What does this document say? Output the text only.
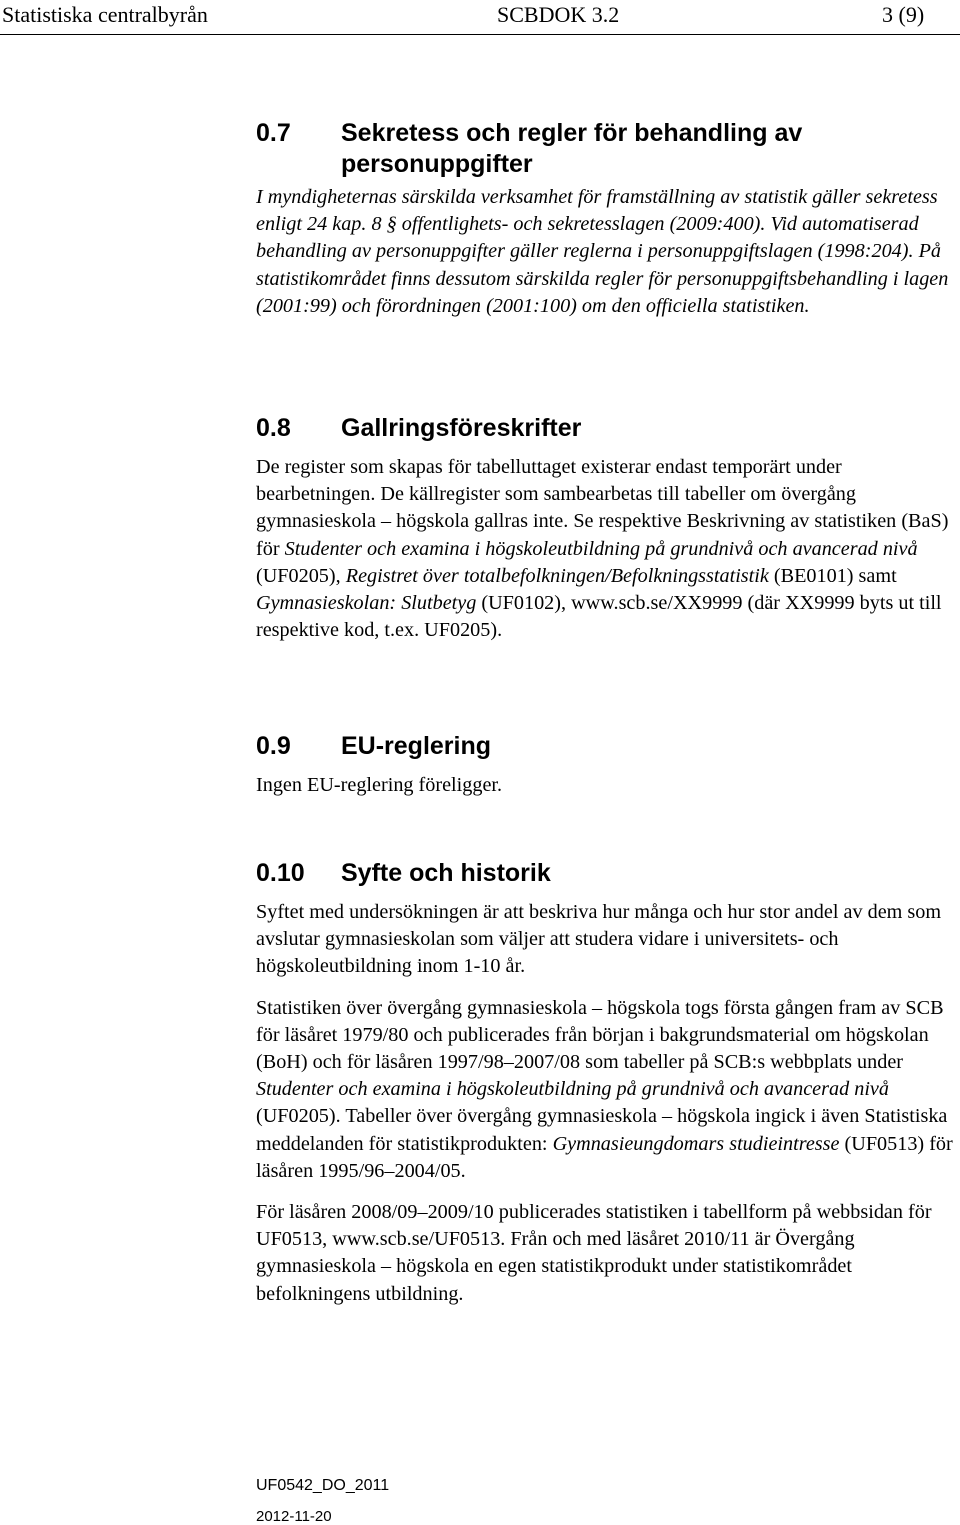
Statistiska centralbyrån	SCBDOK 3.2	3 (9)
0.7 Sekretess och regler för behandling av personuppgifter

I myndigheternas särskilda verksamhet för framställning av statistik gäller sekretess enligt 24 kap. 8 § offentlighets- och sekretesslagen (2009:400). Vid automatiserad behandling av personuppgifter gäller reglerna i personuppgiftslagen (1998:204). På statistikområdet finns dessutom särskilda regler för personuppgiftsbehandling i lagen (2001:99) och förordningen (2001:100) om den officiella statistiken.

0.8 Gallringsföreskrifter

De register som skapas för tabelluttaget existerar endast temporärt under bearbetningen. De källregister som sambearbetas till tabeller om övergång gymnasieskola – högskola gallras inte. Se respektive Beskrivning av statistiken (BaS) för Studenter och examina i högskoleutbildning på grundnivå och avancerad nivå (UF0205), Registret över totalbefolkningen/Befolkningsstatistik (BE0101) samt Gymnasieskolan: Slutbetyg (UF0102), www.scb.se/XX9999 (där XX9999 byts ut till respektive kod, t.ex. UF0205).

0.9 EU-reglering

Ingen EU-reglering föreligger.

0.10 Syfte och historik

Syftet med undersökningen är att beskriva hur många och hur stor andel av dem som avslutar gymnasieskolan som väljer att studera vidare i universitets- och högskoleutbildning inom 1-10 år.

Statistiken över övergång gymnasieskola – högskola togs första gången fram av SCB för läsåret 1979/80 och publicerades från början i bakgrundsmaterial om högskolan (BoH) och för läsåren 1997/98–2007/08 som tabeller på SCB:s webbplats under Studenter och examina i högskoleutbildning på grundnivå och avancerad nivå (UF0205). Tabeller över övergång gymnasieskola – högskola ingick i även Statistiska meddelanden för statistikprodukten: Gymnasieungdomars studieintresse (UF0513) för läsåren 1995/96–2004/05.

För läsåren 2008/09–2009/10 publicerades statistiken i tabellform på webbsidan för UF0513, www.scb.se/UF0513. Från och med läsåret 2010/11 är Övergång gymnasieskola – högskola en egen statistikprodukt under statistikområdet befolkningens utbildning.

UF0542_DO_2011
2012-11-20
